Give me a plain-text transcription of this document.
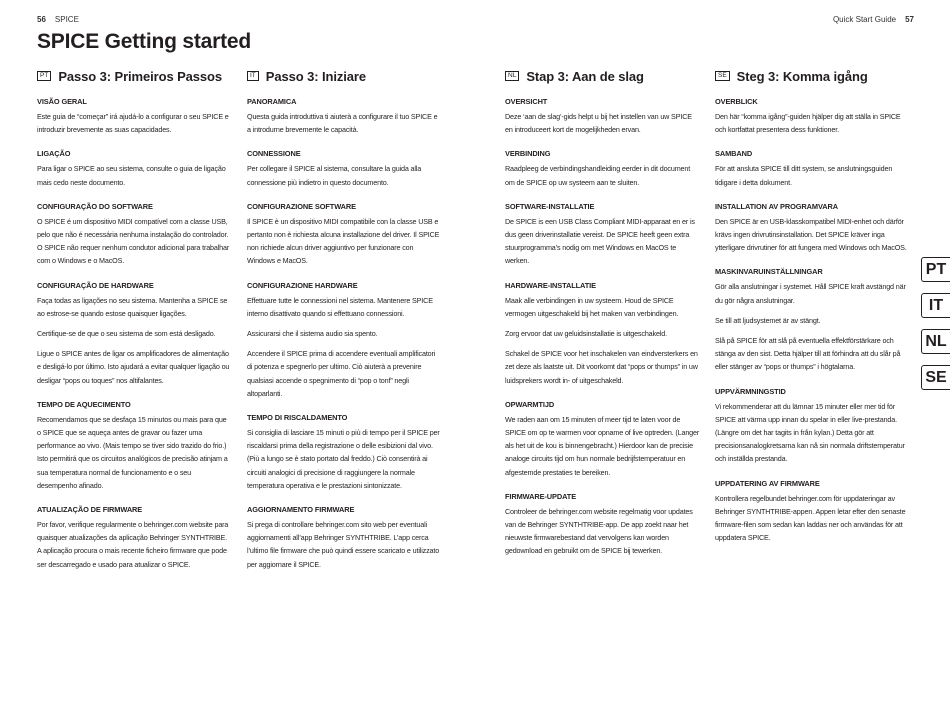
56 SPICE	Quick Start Guide 57
SPICE Getting started
PT Passo 3: Primeiros Passos
VISÃO GERAL
Este guia de “começar” irá ajudá-lo a configurar o seu SPICE e introduzir brevemente as suas capacidades.
LIGAÇÃO
Para ligar o SPICE ao seu sistema, consulte o guia de ligação mais cedo neste documento.
CONFIGURAÇÃO DO SOFTWARE
O SPICE é um dispositivo MIDI compatível com a classe USB, pelo que não é necessária nenhuma instalação do controlador. O SPICE não requer nenhum condutor adicional para trabalhar com o Windows e o MacOS.
CONFIGURAÇÃO DE HARDWARE
Faça todas as ligações no seu sistema. Mantenha a SPICE se ao estrose-se quando estose quaisquer ligações.
Certifique-se de que o seu sistema de som está desligado.
Ligue o SPICE antes de ligar os amplificadores de alimentação e desligá-lo por último. Isto ajudará a evitar qualquer ligação ou desligar “pops ou toques” nos altifalantes.
TEMPO DE AQUECIMENTO
Recomendamos que se desfaça 15 minutos ou mais para que o SPICE que se aqueça antes de gravar ou fazer uma performance ao vivo. (Mais tempo se tiver sido trazido do frio.) Isto permitirá que os circuitos analógicos de precisão atinjam a sua temperatura normal de funcionamento e o seu desempenho afinado.
ATUALIZAÇÃO DE FIRMWARE
Por favor, verifique regularmente o behringer.com website para quaisquer atualizações da aplicação Behringer SYNTHTRIBE. A aplicação procura o mais recente ficheiro firmware que pode ser descarregado e usado para atualizar o SPICE.
IT Passo 3: Iniziare
PANORAMICA
Questa guida introduttiva ti aiuterà a configurare il tuo SPICE e a introdurne brevemente le capacità.
CONNESSIONE
Per collegare il SPICE al sistema, consultare la guida alla connessione più indietro in questo documento.
CONFIGURAZIONE SOFTWARE
Il SPICE è un dispositivo MIDI compatibile con la classe USB e pertanto non è richiesta alcuna installazione del driver. Il SPICE non richiede alcun driver aggiuntivo per funzionare con Windows e MacOS.
CONFIGURAZIONE HARDWARE
Effettuare tutte le connessioni nel sistema. Mantenere SPICE interno disattivato quando si effettuano connessioni.
Assicurarsi che il sistema audio sia spento.
Accendere il SPICE prima di accendere eventuali amplificatori di potenza e spegnerlo per ultimo. Ciò aiuterà a prevenire qualsiasi accende o spegnimento di “pop o tonf” negli altoparlanti.
TEMPO DI RISCALDAMENTO
Si consiglia di lasciare 15 minuti o più di tempo per il SPICE per riscaldarsi prima della registrazione o delle esibizioni dal vivo. (Più a lungo se è stato portato dal freddo.) Ciò consentirà ai circuiti analogici di precisione di raggiungere la normale temperatura operativa e le prestazioni sintonizzate.
AGGIORNAMENTO FIRMWARE
Si prega di controllare behringer.com sito web per eventuali aggiornamenti all’app Behringer SYNTHTRIBE. L’app cerca l’ultimo file firmware che può quindi essere scaricato e utilizzato per aggiornare il SPICE.
NL Stap 3: Aan de slag
OVERSICHT
Deze ‘aan de slag’-gids helpt u bij het instellen van uw SPICE en introduceert kort de mogelijkheden ervan.
VERBINDING
Raadpleeg de verbindingshandleiding eerder in dit document om de SPICE op uw systeem aan te sluiten.
SOFTWARE-INSTALLATIE
De SPICE is een USB Class Compliant MIDI-apparaat en er is dus geen driverinstallatie vereist. De SPICE heeft geen extra stuurprogramma’s nodig om met Windows en MacOS te werken.
HARDWARE-INSTALLATIE
Maak alle verbindingen in uw systeem. Houd de SPICE vermogen uitgeschakeld bij het maken van verbindingen.
Zorg ervoor dat uw geluidsinstallatie is uitgeschakeld.
Schakel de SPICE voor het inschakelen van eindversterkers en zet deze als laatste uit. Dit voorkomt dat “pops or thumps” in uw luidsprekers wordt in- of uitgeschakeld.
OPWARMTIJD
We raden aan om 15 minuten of meer tijd te laten voor de SPICE om op te warmen voor opname of live optreden. (Langer als het uit de kou is binnengebracht.) Hierdoor kan de precisie analoge circuits tijd om hun normale bedrijfstemperatuur en afgestemde prestaties te bereiken.
FIRMWARE-UPDATE
Controleer de behringer.com website regelmatig voor updates van de Behringer SYNTHTRIBE-app. De app zoekt naar het nieuwste firmwarebestand dat vervolgens kan worden gedownload en gebruikt om de SPICE bij tewerken.
SE Steg 3: Komma igång
OVERBLICK
Den här “komma igång”-guiden hjälper dig att ställa in SPICE och kortfattat presentera dess funktioner.
SAMBAND
För att ansluta SPICE till ditt system, se anslutningsguiden tidigare i detta dokument.
INSTALLATION AV PROGRAMVARA
Den SPICE är en USB-klasskompatibel MIDI-enhet och därför krävs ingen drivrutinsinstallation. Det SPICE kräver inga ytterligare drivrutiner för att fungera med Windows och MacOS.
MASKINVARUINSTÄLLNINGAR
Gör alla anslutningar i systemet. Håll SPICE kraft avstängd när du gör några anslutningar.
Se till att ljudsystemet är av stängt.
Slå på SPICE för att slå på eventuella effektförstärkare och stänga av den sist. Detta hjälper till att förhindra att du slår på eller stänger av “pops or thumps” i högtalarna.
UPPVÄRMNINGSTID
Vi rekommenderar att du lämnar 15 minuter eller mer tid för SPICE att värma upp innan du spelar in eller live-prestanda. (Längre om det har tagits in från kylan.) Detta gör att precisionsanalogkretsarna kan nå sin normala driftstemperatur och inställda prestanda.
UPPDATERING AV FIRMWARE
Kontrollera regelbundet behringer.com för uppdateringar av Behringer SYNTHTRIBE-appen. Appen letar efter den senaste firmware-filen som sedan kan laddas ner och användas för att uppdatera SPICE.
PT
IT
NL
SE
